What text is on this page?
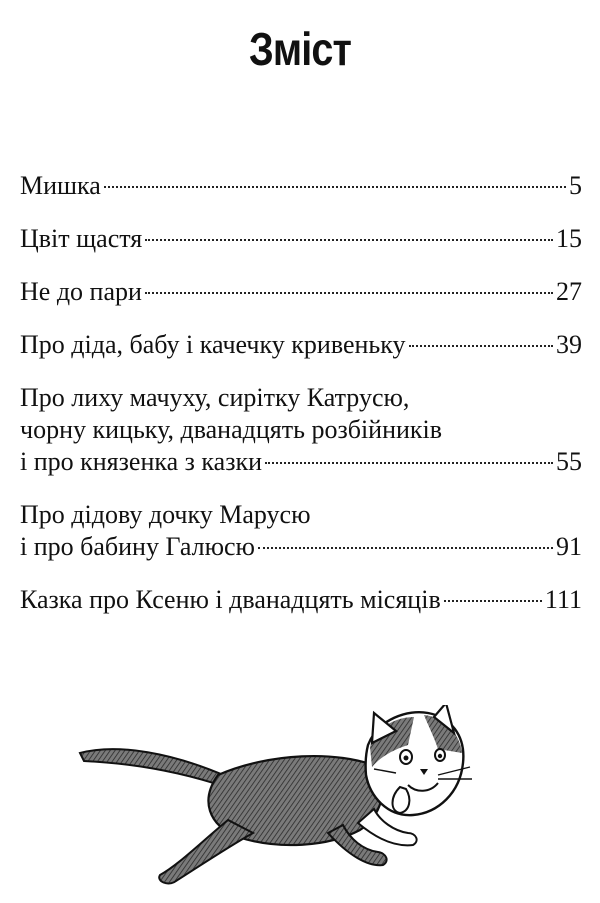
Зміст
Мишка	5
Цвіт щастя	15
Не до пари	27
Про діда, бабу і качечку кривеньку	39
Про лиху мачуху, сирітку Катрусю,
чорну кицьку, дванадцять розбійників
і про князенка з казки	55
Про дідову дочку Марусю
і про бабину Галюсю	91
Казка про Ксеню і дванадцять місяців	111
